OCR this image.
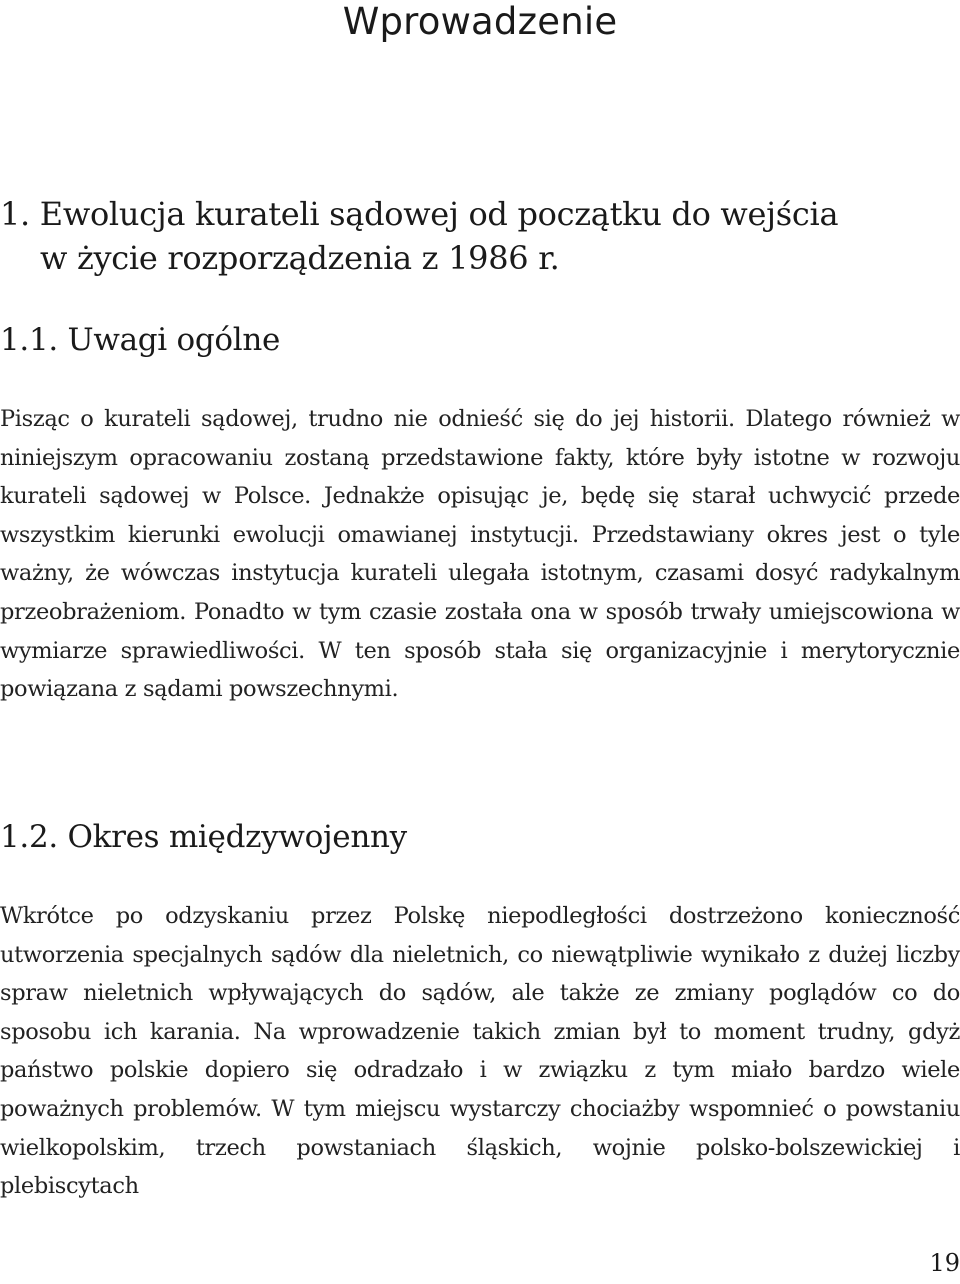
Wprowadzenie
1. Ewolucja kurateli sądowej od początku do wejścia
w życie rozporządzenia z 1986 r.
1.1. Uwagi ogólne

Pisząc o kurateli sądowej, trudno nie odnieść się do jej historii. Dlatego również w niniejszym opracowaniu zostaną przedstawione fakty, które były istotne w rozwoju kurateli sądowej w Polsce. Jednakże opisując je, będę się starał uchwycić przede wszystkim kierunki ewolucji omawianej instytucji. Przedstawiany okres jest o tyle ważny, że wówczas instytucja kurateli ulegała istotnym, czasami dosyć radykalnym przeobrażeniom. Ponadto w tym czasie została ona w sposób trwały umiejscowiona w wymiarze sprawiedliwości. W ten sposób stała się organizacyjnie i merytorycznie powiązana z sądami powszechnymi.

1.2. Okres międzywojenny

Wkrótce po odzyskaniu przez Polskę niepodległości dostrzeżono konieczność utworzenia specjalnych sądów dla nieletnich, co niewątpliwie wynikało z dużej liczby spraw nieletnich wpływających do sądów, ale także ze zmiany poglądów co do sposobu ich karania. Na wprowadzenie takich zmian był to moment trudny, gdyż państwo polskie dopiero się odradzało i w związku z tym miało bardzo wiele poważnych problemów. W tym miejscu wystarczy chociażby wspomnieć o powstaniu wielkopolskim, trzech powstaniach śląskich, wojnie polsko-bolszewickiej i plebiscytach

19
